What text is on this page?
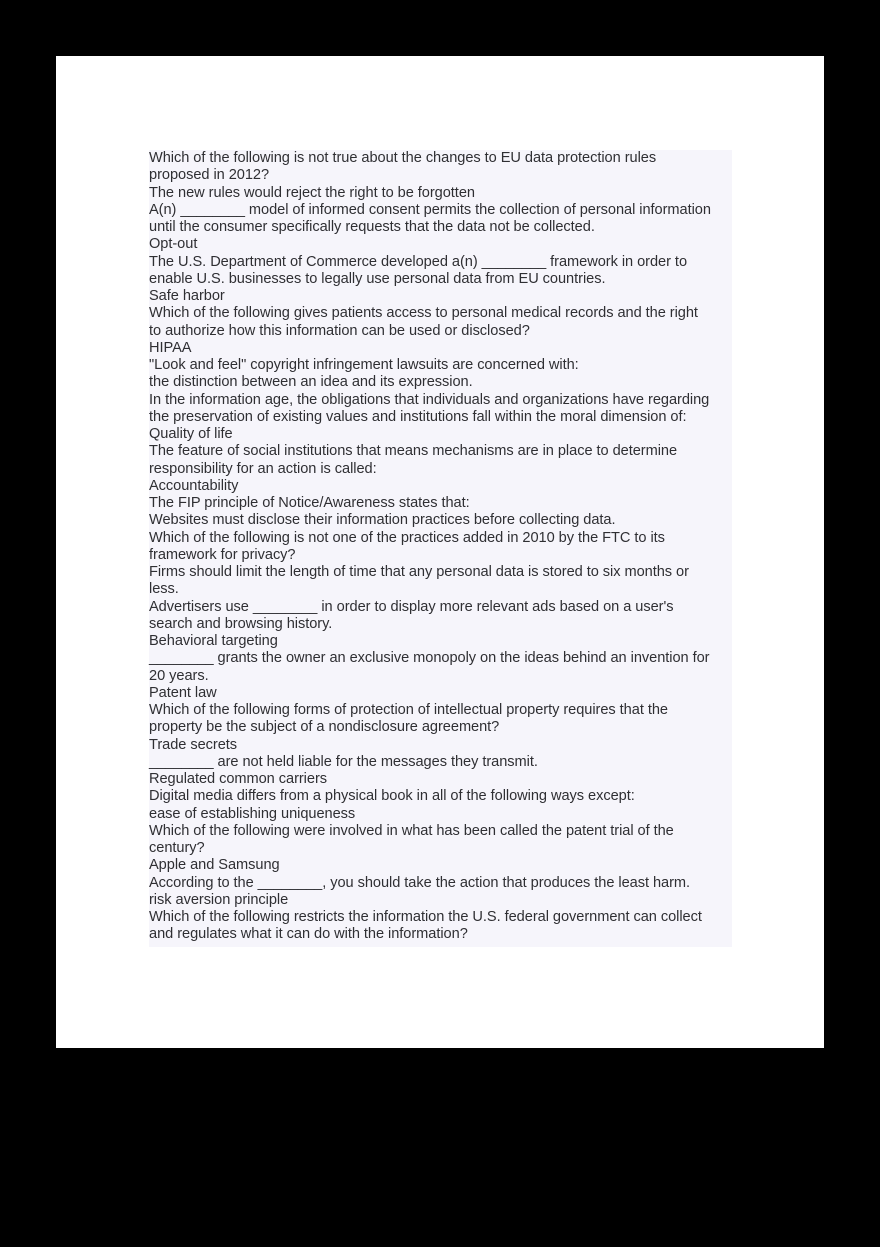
Which of the following is not true about the changes to EU data protection rules
proposed in 2012?
The new rules would reject the right to be forgotten
A(n) ________ model of informed consent permits the collection of personal information
until the consumer specifically requests that the data not be collected.
Opt-out
The U.S. Department of Commerce developed a(n) ________ framework in order to
enable U.S. businesses to legally use personal data from EU countries.
Safe harbor
Which of the following gives patients access to personal medical records and the right
to authorize how this information can be used or disclosed?
HIPAA
"Look and feel" copyright infringement lawsuits are concerned with:
the distinction between an idea and its expression.
In the information age, the obligations that individuals and organizations have regarding
the preservation of existing values and institutions fall within the moral dimension of:
Quality of life
The feature of social institutions that means mechanisms are in place to determine
responsibility for an action is called:
Accountability
The FIP principle of Notice/Awareness states that:
Websites must disclose their information practices before collecting data.
Which of the following is not one of the practices added in 2010 by the FTC to its
framework for privacy?
Firms should limit the length of time that any personal data is stored to six months or
less.
Advertisers use ________ in order to display more relevant ads based on a user's
search and browsing history.
Behavioral targeting
________ grants the owner an exclusive monopoly on the ideas behind an invention for
20 years.
Patent law
Which of the following forms of protection of intellectual property requires that the
property be the subject of a nondisclosure agreement?
Trade secrets
________ are not held liable for the messages they transmit.
Regulated common carriers
Digital media differs from a physical book in all of the following ways except:
ease of establishing uniqueness
Which of the following were involved in what has been called the patent trial of the
century?
Apple and Samsung
According to the ________, you should take the action that produces the least harm.
risk aversion principle
Which of the following restricts the information the U.S. federal government can collect
and regulates what it can do with the information?
